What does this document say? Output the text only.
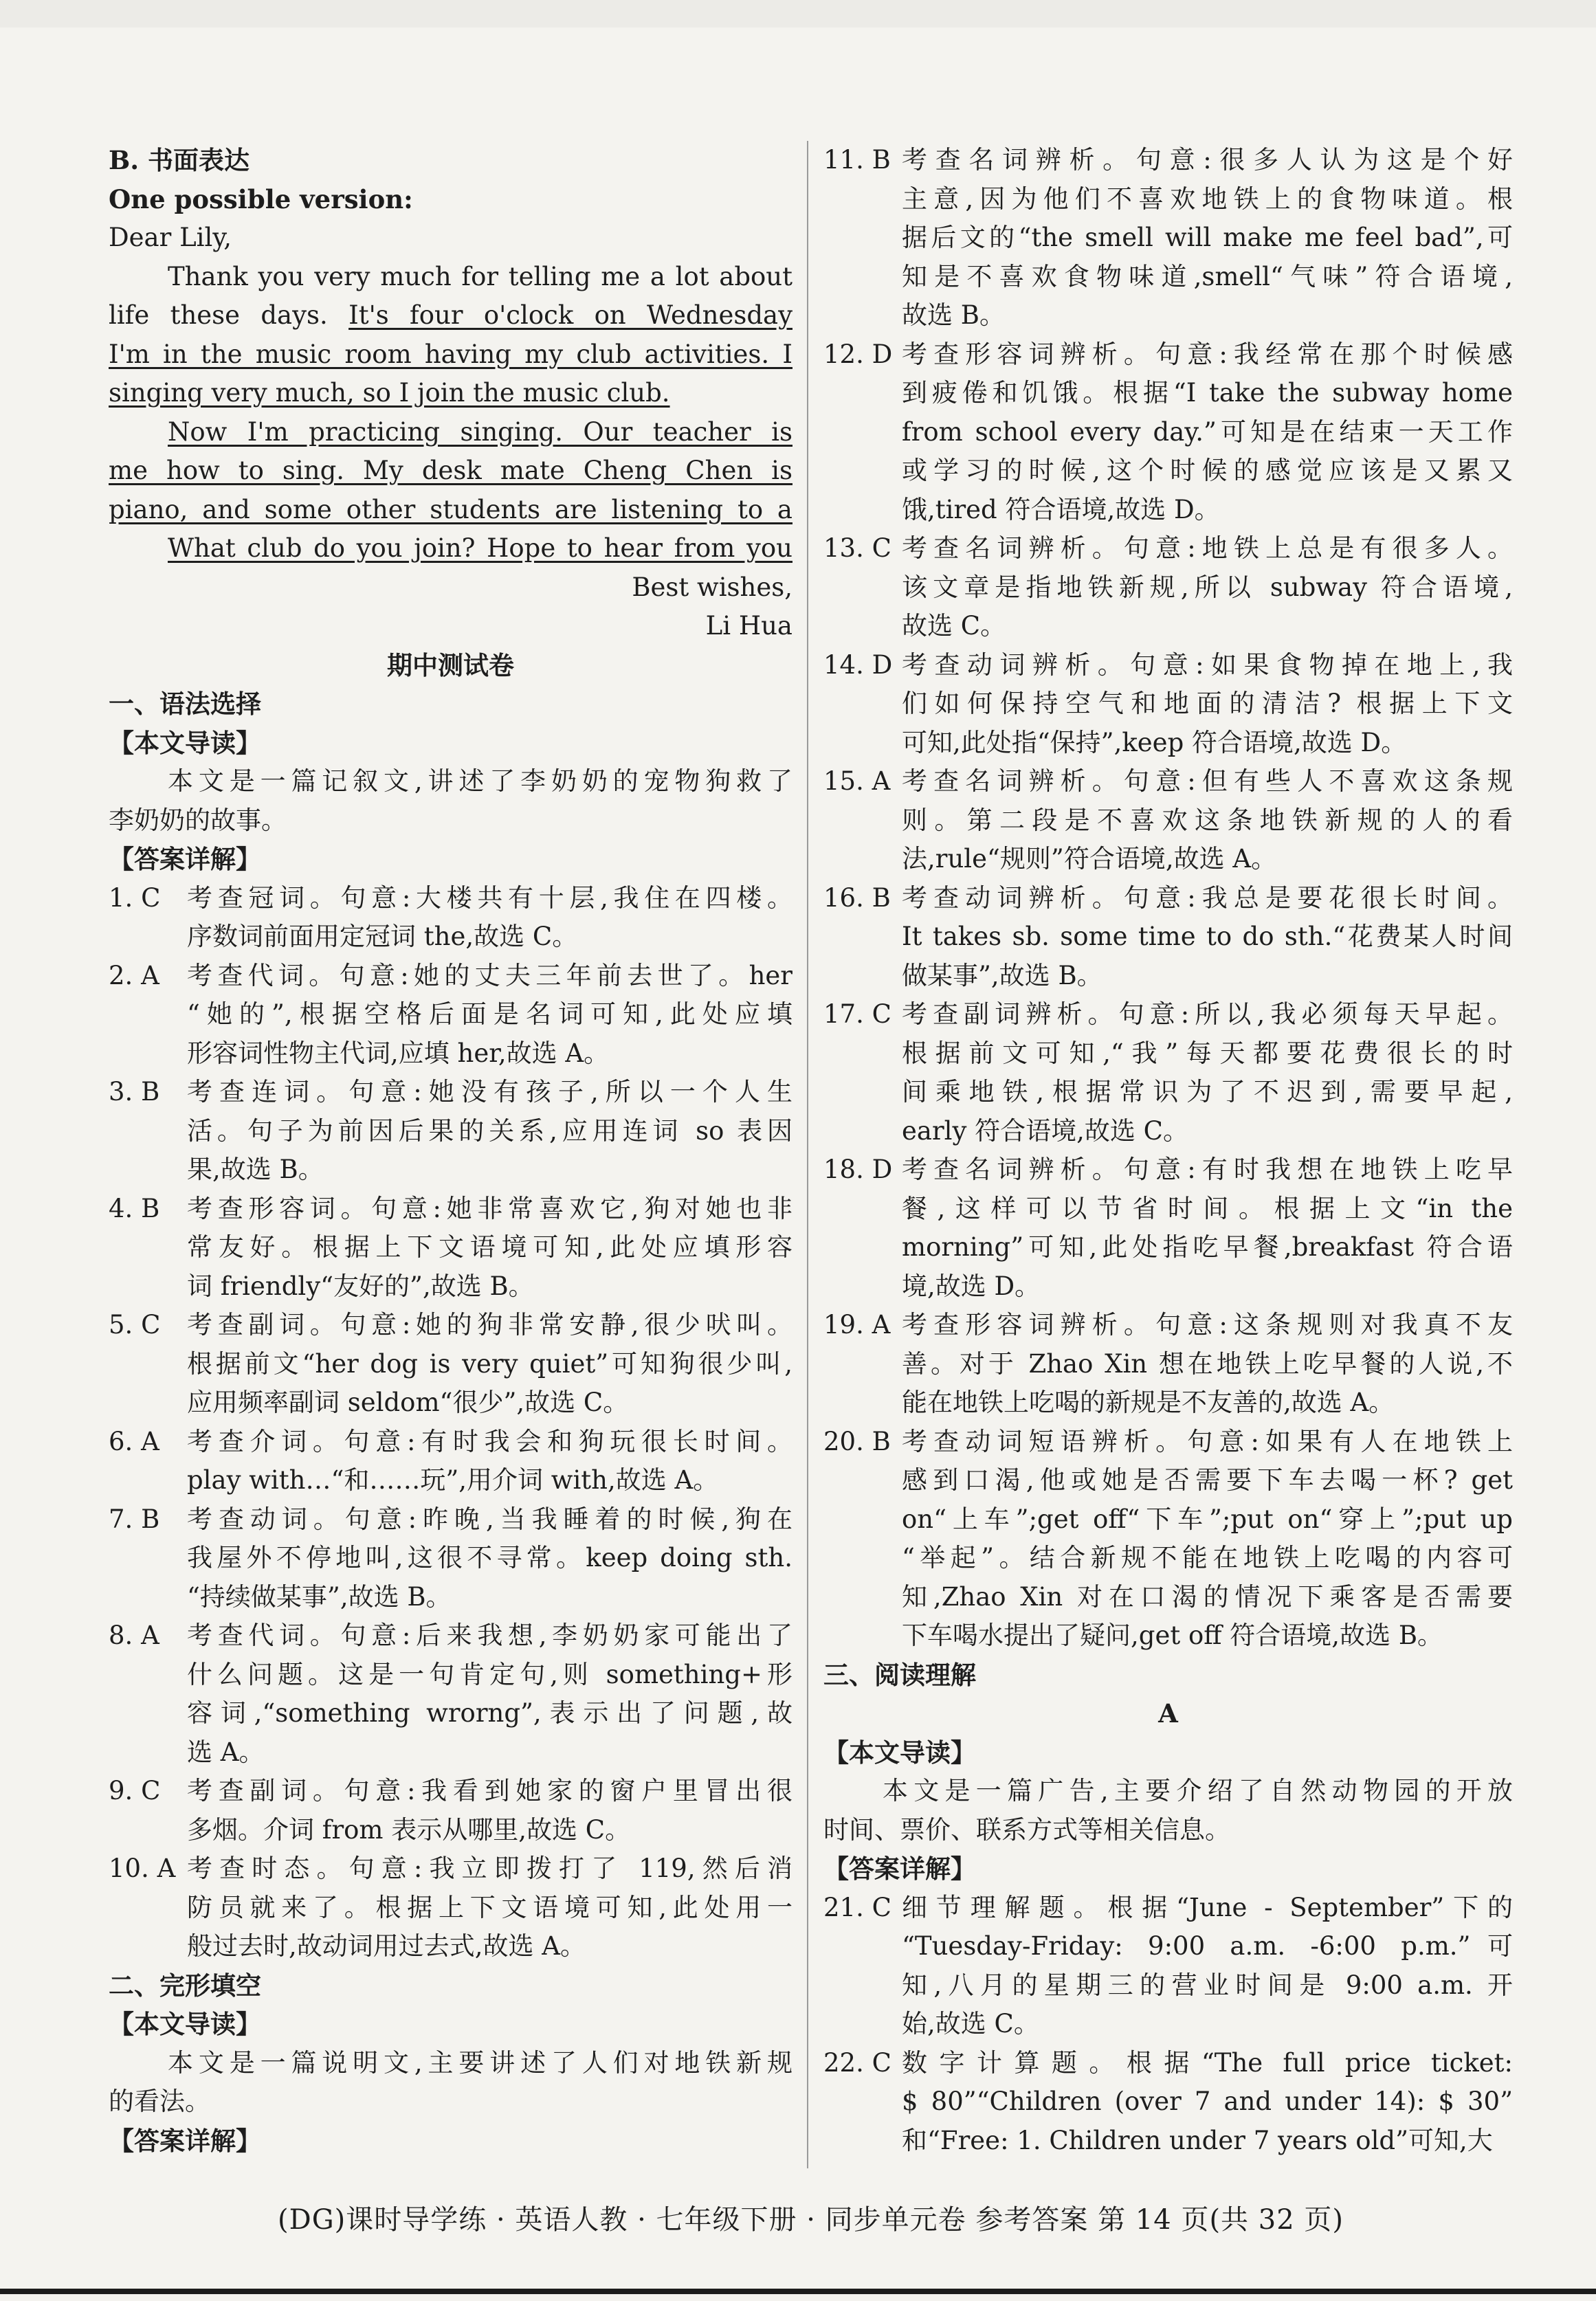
B. 书面表达
One possible version:
Dear Lily,
Thank you very much for telling me a lot about
life these days. It's four o'clock on Wednesday
I'm in the music room having my club activities. I
singing very much, so I join the music club.
Now I'm practicing singing. Our teacher is
me how to sing. My desk mate Cheng Chen is
piano, and some other students are listening to a
What club do you join? Hope to hear from you
Best wishes,
Li Hua
期中测试卷
一、语法选择
【本文导读】
本文是一篇记叙文,讲述了李奶奶的宠物狗救了
李奶奶的故事。
【答案详解】
1. C	考查冠词。句意:大楼共有十层,我住在四楼。
序数词前面用定冠词 the,故选 C。
2. A	考查代词。句意:她的丈夫三年前去世了。her
“她的”,根据空格后面是名词可知,此处应填
形容词性物主代词,应填 her,故选 A。
3. B	考查连词。句意:她没有孩子,所以一个人生
活。句子为前因后果的关系,应用连词 so 表因
果,故选 B。
4. B	考查形容词。句意:她非常喜欢它,狗对她也非
常友好。根据上下文语境可知,此处应填形容
词 friendly“友好的”,故选 B。
5. C	考查副词。句意:她的狗非常安静,很少吠叫。
根据前文“her dog is very quiet”可知狗很少叫,
应用频率副词 seldom“很少”,故选 C。
6. A	考查介词。句意:有时我会和狗玩很长时间。
play with…“和……玩”,用介词 with,故选 A。
7. B	考查动词。句意:昨晚,当我睡着的时候,狗在
我屋外不停地叫,这很不寻常。keep doing sth.
“持续做某事”,故选 B。
8. A	考查代词。句意:后来我想,李奶奶家可能出了
什么问题。这是一句肯定句,则 something+形
容词,“something wrorng”,表示出了问题,故
选 A。
9. C	考查副词。句意:我看到她家的窗户里冒出很
多烟。介词 from 表示从哪里,故选 C。
10. A 考查时态。句意:我立即拨打了 119,然后消
防员就来了。根据上下文语境可知,此处用一
般过去时,故动词用过去式,故选 A。
二、完形填空
【本文导读】
本文是一篇说明文,主要讲述了人们对地铁新规
的看法。
【答案详解】
11. B 考查名词辨析。句意:很多人认为这是个好
主意,因为他们不喜欢地铁上的食物味道。根
据后文的“the smell will make me feel bad”,可
知是不喜欢食物味道,smell“气味”符合语境,
故选 B。
12. D 考查形容词辨析。句意:我经常在那个时候感
到疲倦和饥饿。根据“I take the subway home
from school every day.”可知是在结束一天工作
或学习的时候,这个时候的感觉应该是又累又
饿,tired 符合语境,故选 D。
13. C 考查名词辨析。句意:地铁上总是有很多人。
该文章是指地铁新规,所以 subway 符合语境,
故选 C。
14. D 考查动词辨析。句意:如果食物掉在地上,我
们如何保持空气和地面的清洁? 根据上下文
可知,此处指“保持”,keep 符合语境,故选 D。
15. A 考查名词辨析。句意:但有些人不喜欢这条规
则。第二段是不喜欢这条地铁新规的人的看
法,rule“规则”符合语境,故选 A。
16. B 考查动词辨析。句意:我总是要花很长时间。
It takes sb. some time to do sth.“花费某人时间
做某事”,故选 B。
17. C 考查副词辨析。句意:所以,我必须每天早起。
根据前文可知,“我”每天都要花费很长的时
间乘地铁,根据常识为了不迟到,需要早起,
early 符合语境,故选 C。
18. D 考查名词辨析。句意:有时我想在地铁上吃早
餐,这样可以节省时间。根据上文“in the
morning”可知,此处指吃早餐,breakfast 符合语
境,故选 D。
19. A 考查形容词辨析。句意:这条规则对我真不友
善。对于 Zhao Xin 想在地铁上吃早餐的人说,不
能在地铁上吃喝的新规是不友善的,故选 A。
20. B 考查动词短语辨析。句意:如果有人在地铁上
感到口渴,他或她是否需要下车去喝一杯? get
on“上车”;get off“下车”;put on“穿上”;put up
“举起”。结合新规不能在地铁上吃喝的内容可
知,Zhao Xin 对在口渴的情况下乘客是否需要
下车喝水提出了疑问,get off 符合语境,故选 B。
三、阅读理解
A
【本文导读】
本文是一篇广告,主要介绍了自然动物园的开放
时间、票价、联系方式等相关信息。
【答案详解】
21. C 细节理解题。根据“June - September”下的
“Tuesday-Friday: 9:00 a.m. -6:00 p.m.”可
知,八月的星期三的营业时间是 9:00 a.m. 开
始,故选 C。
22. C 数字计算题。根据“The full price ticket:
$ 80”“Children (over 7 and under 14): $ 30”
和“Free: 1. Children under 7 years old”可知,大
(DG)课时导学练 · 英语人教 · 七年级下册 · 同步单元卷 参考答案 第 14 页(共 32 页)
